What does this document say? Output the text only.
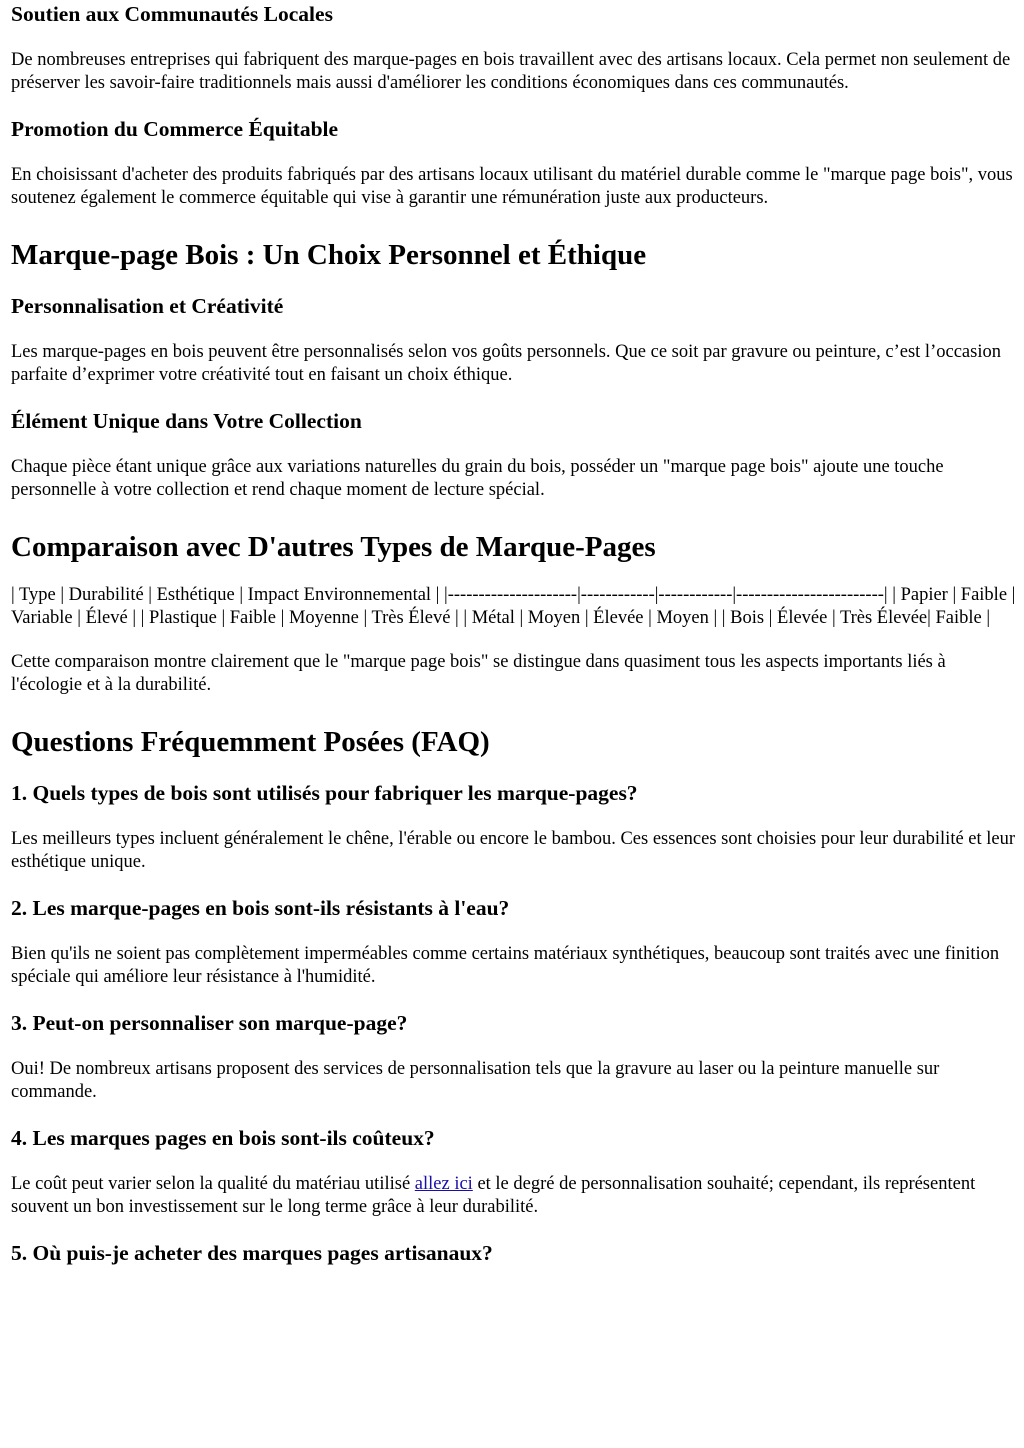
Soutien aux Communautés Locales

De nombreuses entreprises qui fabriquent des marque-pages en bois travaillent avec des artisans locaux. Cela permet non seulement de préserver les savoir-faire traditionnels mais aussi d'améliorer les conditions économiques dans ces communautés.

Promotion du Commerce Équitable

En choisissant d'acheter des produits fabriqués par des artisans locaux utilisant du matériel durable comme le "marque page bois", vous soutenez également le commerce équitable qui vise à garantir une rémunération juste aux producteurs.

Marque-page Bois : Un Choix Personnel et Éthique
Personnalisation et Créativité

Les marque-pages en bois peuvent être personnalisés selon vos goûts personnels. Que ce soit par gravure ou peinture, c’est l’occasion parfaite d’exprimer votre créativité tout en faisant un choix éthique.

Élément Unique dans Votre Collection

Chaque pièce étant unique grâce aux variations naturelles du grain du bois, posséder un "marque page bois" ajoute une touche personnelle à votre collection et rend chaque moment de lecture spécial.

Comparaison avec D'autres Types de Marque-Pages

| Type | Durabilité | Esthétique | Impact Environnemental | |---------------------|------------|------------|------------------------| | Papier | Faible | Variable | Élevé | | Plastique | Faible | Moyenne | Très Élevé | | Métal | Moyen | Élevée | Moyen | | Bois | Élevée | Très Élevée| Faible |

Cette comparaison montre clairement que le "marque page bois" se distingue dans quasiment tous les aspects importants liés à l'écologie et à la durabilité.

Questions Fréquemment Posées (FAQ)
1. Quels types de bois sont utilisés pour fabriquer les marque-pages?

Les meilleurs types incluent généralement le chêne, l'érable ou encore le bambou. Ces essences sont choisies pour leur durabilité et leur esthétique unique.

2. Les marque-pages en bois sont-ils résistants à l'eau?

Bien qu'ils ne soient pas complètement imperméables comme certains matériaux synthétiques, beaucoup sont traités avec une finition spéciale qui améliore leur résistance à l'humidité.

3. Peut-on personnaliser son marque-page?

Oui! De nombreux artisans proposent des services de personnalisation tels que la gravure au laser ou la peinture manuelle sur commande.

4. Les marques pages en bois sont-ils coûteux?

Le coût peut varier selon la qualité du matériau utilisé allez ici et le degré de personnalisation souhaité; cependant, ils représentent souvent un bon investissement sur le long terme grâce à leur durabilité.

5. Où puis-je acheter des marques pages artisanaux?
